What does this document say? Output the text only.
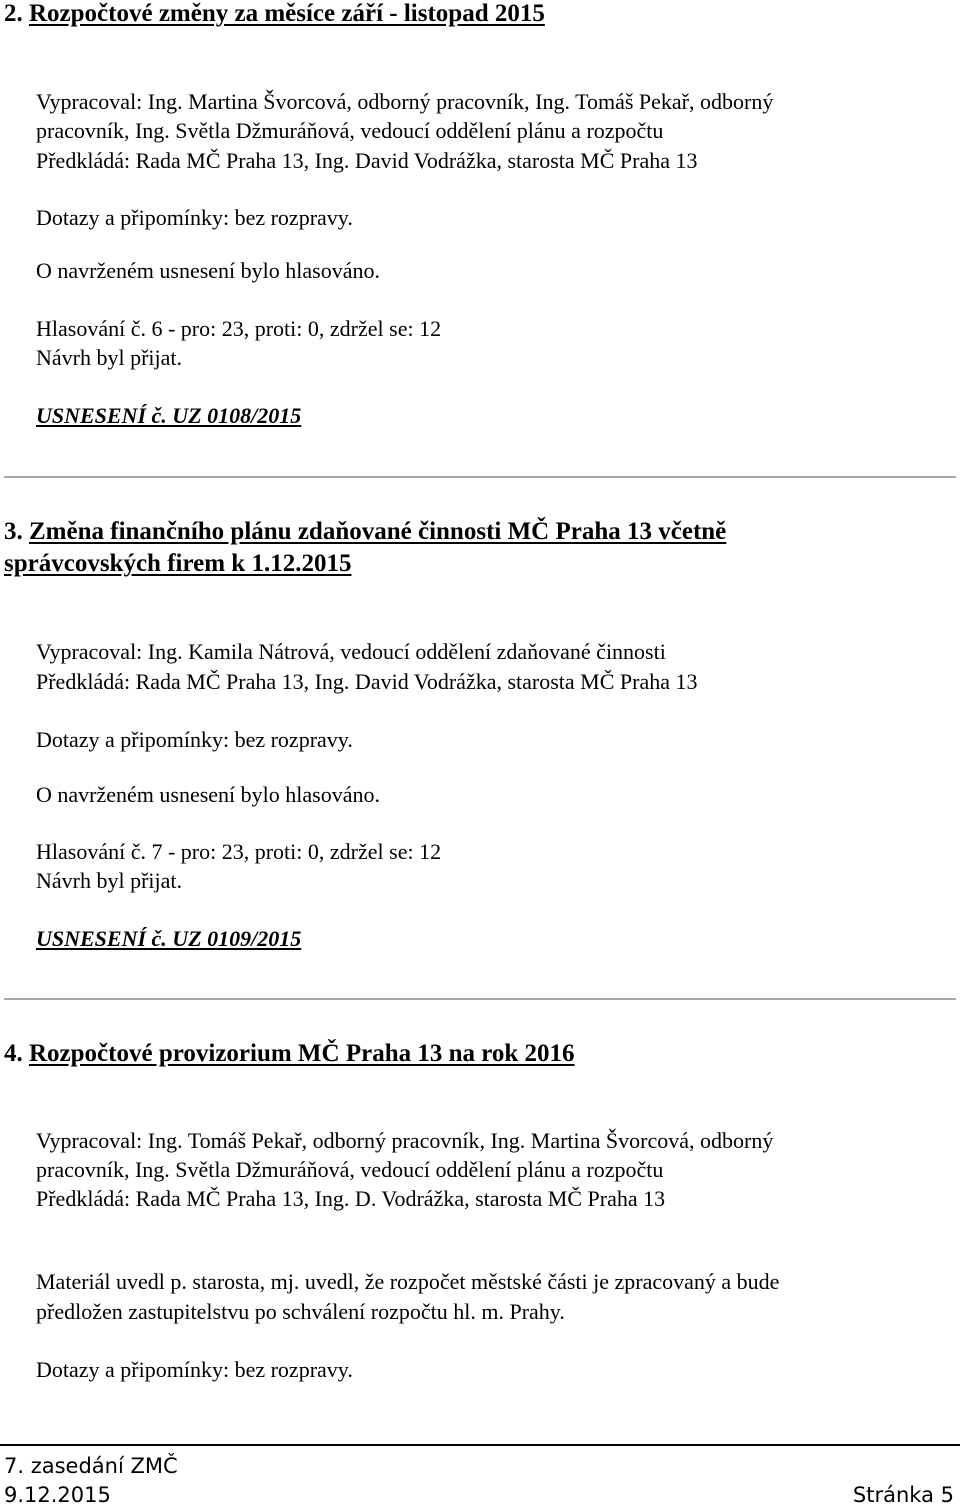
2. Rozpočtové změny za měsíce září - listopad 2015
Vypracoval: Ing. Martina Švorcová, odborný pracovník, Ing. Tomáš Pekař, odborný
pracovník, Ing. Světla Džmuráňová, vedoucí oddělení plánu a rozpočtu
Předkládá: Rada MČ Praha 13, Ing. David Vodrážka, starosta MČ Praha 13
Dotazy a připomínky: bez rozpravy.
O navrženém usnesení bylo hlasováno.
Hlasování č. 6 - pro: 23, proti: 0, zdržel se: 12
Návrh byl přijat.
USNESENÍ č. UZ 0108/2015
3. Změna finančního plánu zdaňované činnosti MČ Praha 13 včetně
správcovských firem k 1.12.2015
Vypracoval: Ing. Kamila Nátrová, vedoucí oddělení zdaňované činnosti
Předkládá: Rada MČ Praha 13, Ing. David Vodrážka, starosta MČ Praha 13
Dotazy a připomínky: bez rozpravy.
O navrženém usnesení bylo hlasováno.
Hlasování č. 7 - pro: 23, proti: 0, zdržel se: 12
Návrh byl přijat.
USNESENÍ č. UZ 0109/2015
4. Rozpočtové provizorium MČ Praha 13 na rok 2016
Vypracoval: Ing. Tomáš Pekař, odborný pracovník, Ing. Martina Švorcová, odborný
pracovník, Ing. Světla Džmuráňová, vedoucí oddělení plánu a rozpočtu
Předkládá: Rada MČ Praha 13, Ing. D. Vodrážka, starosta MČ Praha 13
Materiál uvedl p. starosta, mj. uvedl, že rozpočet městské části je zpracovaný a bude
předložen zastupitelstvu po schválení rozpočtu hl. m. Prahy.
Dotazy a připomínky: bez rozpravy.
7. zasedání ZMČ
9.12.2015	Stránka 5
